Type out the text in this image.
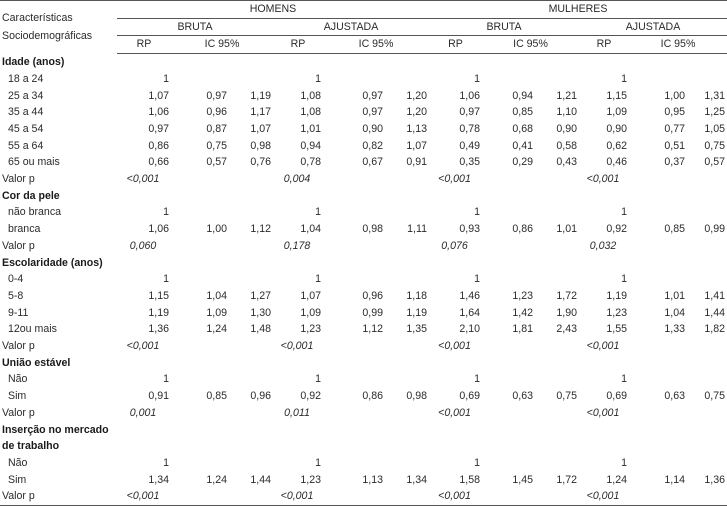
Características
Sociodemográficas	HOMENS						MULHERES					
	BRUTA			AJUSTADA			BRUTA			AJUSTADA		
	RP	IC 95%		RP	IC 95%		RP	IC 95%		RP	IC 95%	
Idade (anos)												
18 a 24	1			1			1			1		
25 a 34	1,07	0,97	1,19	1,08	0,97	1,20	1,06	0,94	1,21	1,15	1,00	1,31
35 a 44	1,06	0,96	1,17	1,08	0,97	1,20	0,97	0,85	1,10	1,09	0,95	1,25
45 a 54	0,97	0,87	1,07	1,01	0,90	1,13	0,78	0,68	0,90	0,90	0,77	1,05
55 a 64	0,86	0,75	0,98	0,94	0,82	1,07	0,49	0,41	0,58	0,62	0,51	0,75
65 ou mais	0,66	0,57	0,76	0,78	0,67	0,91	0,35	0,29	0,43	0,46	0,37	0,57
Valor p	<0,001			0,004			<0,001			<0,001		
Cor da pele												
não branca	1			1			1			1		
branca	1,06	1,00	1,12	1,04	0,98	1,11	0,93	0,86	1,01	0,92	0,85	0,99
Valor p	0,060			0,178			0,076			0,032		
Escolaridade (anos)												
0-4	1			1			1			1		
5-8	1,15	1,04	1,27	1,07	0,96	1,18	1,46	1,23	1,72	1,19	1,01	1,41
9-11	1,19	1,09	1,30	1,09	0,99	1,19	1,64	1,42	1,90	1,23	1,04	1,44
12ou mais	1,36	1,24	1,48	1,23	1,12	1,35	2,10	1,81	2,43	1,55	1,33	1,82
Valor p	<0,001			<0,001			<0,001			<0,001		
União estável												
Não	1			1			1			1		
Sim	0,91	0,85	0,96	0,92	0,86	0,98	0,69	0,63	0,75	0,69	0,63	0,75
Valor p	0,001			0,011			<0,001			<0,001		
Inserção no mercado												
de trabalho												
Não	1			1			1			1		
Sim	1,34	1,24	1,44	1,23	1,13	1,34	1,58	1,45	1,72	1,24	1,14	1,36
Valor p	<0,001			<0,001			<0,001			<0,001		
